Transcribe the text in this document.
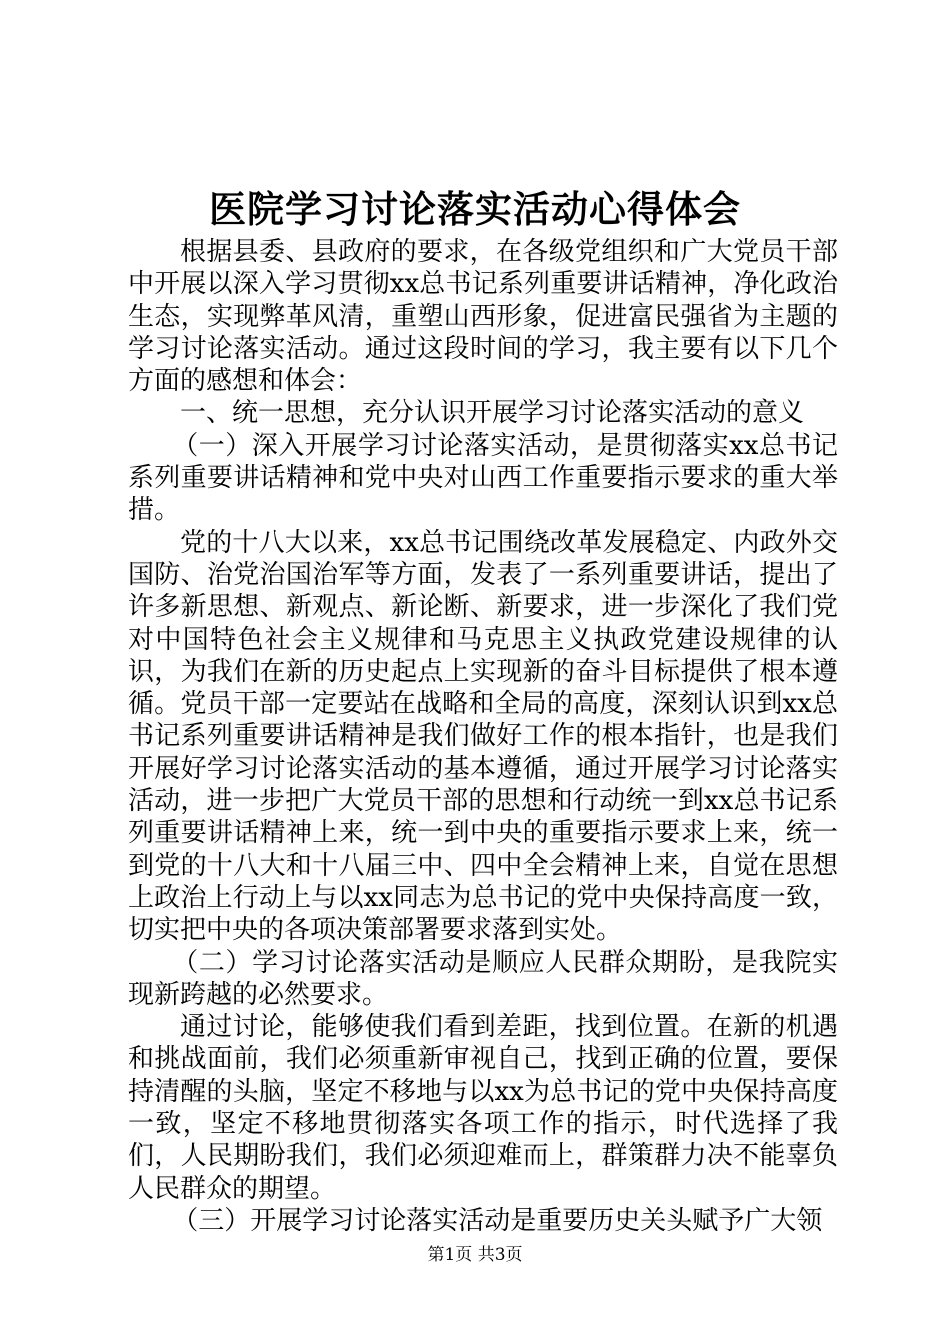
医院学习讨论落实活动心得体会

根据县委、县政府的要求，在各级党组织和广大党员干部中开展以深入学习贯彻xx总书记系列重要讲话精神，净化政治生态，实现弊革风清，重塑山西形象，促进富民强省为主题的学习讨论落实活动。通过这段时间的学习，我主要有以下几个方面的感想和体会：

一、统一思想，充分认识开展学习讨论落实活动的意义

（一）深入开展学习讨论落实活动，是贯彻落实xx总书记系列重要讲话精神和党中央对山西工作重要指示要求的重大举措。

党的十八大以来，xx总书记围绕改革发展稳定、内政外交国防、治党治国治军等方面，发表了一系列重要讲话，提出了许多新思想、新观点、新论断、新要求，进一步深化了我们党对中国特色社会主义规律和马克思主义执政党建设规律的认识，为我们在新的历史起点上实现新的奋斗目标提供了根本遵循。党员干部一定要站在战略和全局的高度，深刻认识到xx总书记系列重要讲话精神是我们做好工作的根本指针，也是我们开展好学习讨论落实活动的基本遵循，通过开展学习讨论落实活动，进一步把广大党员干部的思想和行动统一到xx总书记系列重要讲话精神上来，统一到中央的重要指示要求上来，统一到党的十八大和十八届三中、四中全会精神上来，自觉在思想上政治上行动上与以xx同志为总书记的党中央保持高度一致，切实把中央的各项决策部署要求落到实处。

（二）学习讨论落实活动是顺应人民群众期盼，是我院实现新跨越的必然要求。

通过讨论，能够使我们看到差距，找到位置。在新的机遇和挑战面前，我们必须重新审视自己，找到正确的位置，要保持清醒的头脑，坚定不移地与以xx为总书记的党中央保持高度一致，坚定不移地贯彻落实各项工作的指示，时代选择了我们，人民期盼我们，我们必须迎难而上，群策群力决不能辜负人民群众的期望。

（三）开展学习讨论落实活动是重要历史关头赋予广大领

第1页 共3页
